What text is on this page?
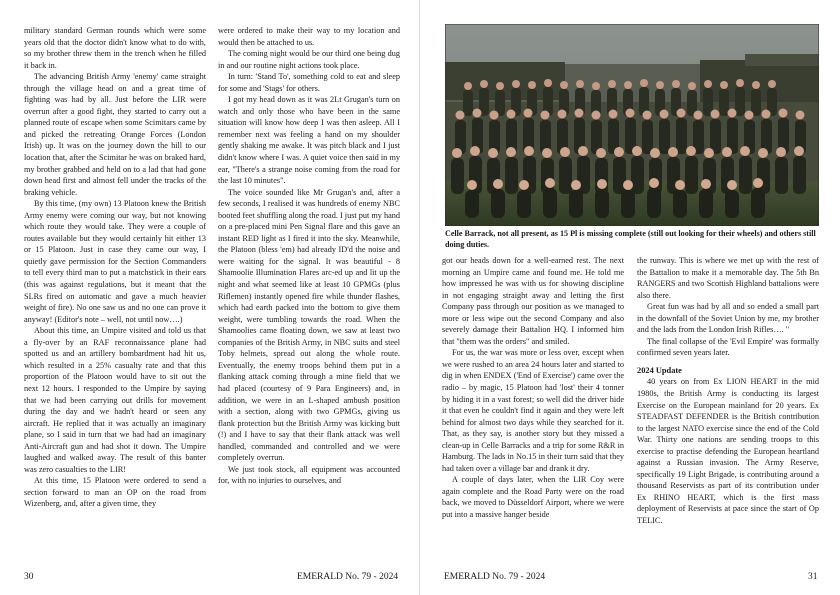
military standard German rounds which were some years old that the doctor didn't know what to do with, so my brother threw them in the trench when he filled it back in.

The advancing British Army 'enemy' came straight through the village head on and a great time of fighting was had by all. Just before the LIR were overrun after a good fight, they started to carry out a planned route of escape when some Scimitars came by and picked the retreating Orange Forces (London Irish) up. It was on the journey down the hill to our location that, after the Scimitar he was on braked hard, my brother grabbed and held on to a lad that had gone down head first and almost fell under the tracks of the braking vehicle.

By this time, (my own) 13 Platoon knew the British Army enemy were coming our way, but not knowing which route they would take. They were a couple of routes available but they would certainly hit either 13 or 15 Platoon. Just in case they came our way, I quietly gave permission for the Section Commanders to tell every third man to put a matchstick in their ears (this was against regulations, but it meant that the SLRs fired on automatic and gave a much heavier weight of fire). No one saw us and no one can prove it anyway! (Editor's note – well, not until now….)

About this time, an Umpire visited and told us that a fly-over by an RAF reconnaissance plane had spotted us and an artillery bombardment had hit us, which resulted in a 25% casualty rate and that this proportion of the Platoon would have to sit out the next 12 hours. I responded to the Umpire by saying that we had been carrying out drills for movement during the day and we hadn't heard or seen any aircraft. He replied that it was actually an imaginary plane, so I said in turn that we had had an imaginary Anti-Aircraft gun and had shot it down. The Umpire laughed and walked away. The result of this banter was zero casualties to the LIR!

At this time, 15 Platoon were ordered to send a section forward to man an OP on the road from Wizenberg, and, after a given time, they

were ordered to make their way to my location and would then be attached to us.

The coming night would be our third one being dug in and our routine night actions took place.

In turn: 'Stand To', something cold to eat and sleep for some and 'Stags' for others.

I got my head down as it was 2Lt Grugan's turn on watch and only those who have been in the same situation will know how deep I was then asleep. All I remember next was feeling a hand on my shoulder gently shaking me awake. It was pitch black and I just didn't know where I was. A quiet voice then said in my ear, "There's a strange noise coming from the road for the last 10 minutes".

The voice sounded like Mr Grugan's and, after a few seconds, I realised it was hundreds of enemy NBC booted feet shuffling along the road. I just put my hand on a pre-placed mini Pen Signal flare and this gave an instant RED light as I fired it into the sky. Meanwhile, the Platoon (bless 'em) had already ID'd the noise and were waiting for the signal. It was beautiful - 8 Shamoolie Illumination Flares arc-ed up and lit up the night and what seemed like at least 10 GPMGs (plus Riflemen) instantly opened fire while thunder flashes, which had earth packed into the bottom to give them weight, were tumbling towards the road. When the Shamoolies came floating down, we saw at least two companies of the British Army, in NBC suits and steel Toby helmets, spread out along the whole route. Eventually, the enemy troops behind them put in a flanking attack coming through a mine field that we had placed (courtesy of 9 Para Engineers) and, in addition, we were in an L-shaped ambush position with a section, along with two GPMGs, giving us flank protection but the British Army was kicking butt (!) and I have to say that their flank attack was well handled, commanded and controlled and we were completely overrun.

We just took stock, all equipment was accounted for, with no injuries to ourselves, and

30	EMERALD No. 79 - 2024
Celle Barrack, not all present, as 15 Pl is missing complete (still out looking for their wheels) and others still doing duties.

got our heads down for a well-earned rest. The next morning an Umpire came and found me. He told me how impressed he was with us for showing discipline in not engaging straight away and letting the first Company pass through our position as we managed to more or less wipe out the second Company and also severely damage their Battalion HQ. I informed him that "them was the orders" and smiled.

For us, the war was more or less over, except when we were rushed to an area 24 hours later and started to dig in when ENDEX ('End of Exercise') came over the radio – by magic, 15 Platoon had 'lost' their 4 tonner by hiding it in a vast forest; so well did the driver hide it that even he couldn't find it again and they were left behind for almost two days while they searched for it. That, as they say, is another story but they missed a clean-up in Celle Barracks and a trip for some R&R in Hamburg. The lads in No.15 in their turn said that they had taken over a village bar and drank it dry.

A couple of days later, when the LIR Coy were again complete and the Road Party were on the road back, we moved to Düsseldorf Airport, where we were put into a massive hanger beside

the runway. This is where we met up with the rest of the Battalion to make it a memorable day. The 5th Bn RANGERS and two Scottish Highland battalions were also there.

Great fun was had by all and so ended a small part in the downfall of the Soviet Union by me, my brother and the lads from the London Irish Rifles…. "

The final collapse of the 'Evil Empire' was formally confirmed seven years later.

2024 Update

40 years on from Ex LION HEART in the mid 1980s, the British Army is conducting its largest Exercise on the European mainland for 20 years. Ex STEADFAST DEFENDER is the British contribution to the largest NATO exercise since the end of the Cold War. Thirty one nations are sending troops to this exercise to practise defending the European heartland against a Russian invasion. The Army Reserve, specifically 19 Light Brigade, is contributing around a thousand Reservists as part of its contribution under Ex RHINO HEART, which is the first mass deployment of Reservists at pace since the start of Op TELIC.

EMERALD No. 79 - 2024	31
